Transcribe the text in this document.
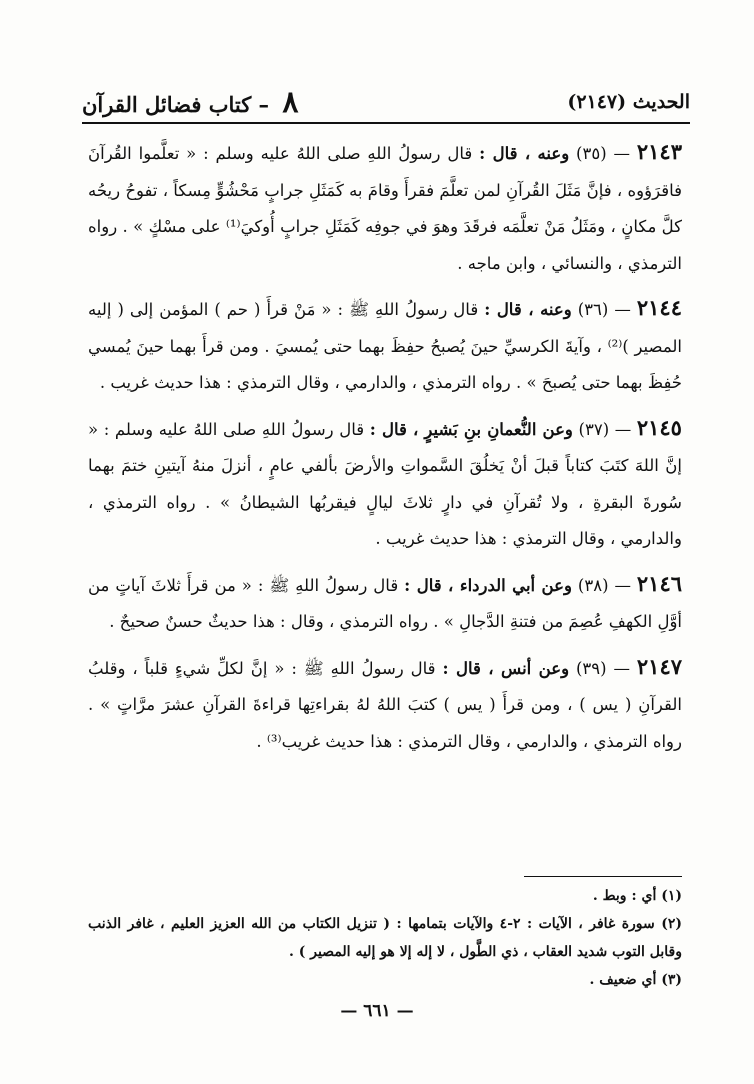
٨ – كتاب فضائل القرآن	الحديث (٢١٤٧)

٢١٤٣ — (٣٥) وعنه ، قال : قال رسولُ اللهِ صلى اللهُ عليه وسلم : « تعلَّموا القُرآنَ فاقرَؤوه ، فإنَّ مَثَلَ القُرآنِ لمن تعلَّمَ فقرأَ وقامَ به كَمَثَلِ جرابٍ مَحْشُوٍّ مِسكاً ، تفوحُ ريحُه كلَّ مكانٍ ، ومَثَلُ مَنْ تعلَّمَه فرقَدَ وهوَ في جوفِه كَمَثَلِ جرابٍ أُوكيَ⁽¹⁾ على مسْكٍ » . رواه الترمذي ، والنسائي ، وابن ماجه .

٢١٤٤ — (٣٦) وعنه ، قال : قال رسولُ اللهِ ﷺ : « مَنْ قرأَ ( حم ) المؤمن إلى ( إليه المصير )⁽²⁾ ، وآيةَ الكرسيِّ حينَ يُصبحُ حفِظَ بهما حتى يُمسيَ . ومن قرأَ بهما حينَ يُمسي حُفِظَ بهما حتى يُصبحَ » . رواه الترمذي ، والدارمي ، وقال الترمذي : هذا حديث غريب .

٢١٤٥ — (٣٧) وعن النُّعمانِ بنِ بَشيرٍ ، قال : قال رسولُ اللهِ صلى اللهُ عليه وسلم : « إنَّ اللهَ كتَبَ كتاباً قبلَ أنْ يَخلُقَ السَّمواتِ والأرضَ بألفي عامٍ ، أنزلَ منهُ آيتينِ ختمَ بهما سُورةَ البقرةِ ، ولا تُقرآنِ في دارٍ ثلاثَ ليالٍ فيقربُها الشيطانُ » . رواه الترمذي ، والدارمي ، وقال الترمذي : هذا حديث غريب .

٢١٤٦ — (٣٨) وعن أبي الدرداء ، قال : قال رسولُ اللهِ ﷺ : « من قرأَ ثلاثَ آياتٍ من أوَّلِ الكهفِ عُصِمَ من فتنةِ الدَّجالِ » . رواه الترمذي ، وقال : هذا حديثٌ حسنٌ صحيحٌ .

٢١٤٧ — (٣٩) وعن أنس ، قال : قال رسولُ اللهِ ﷺ : « إنَّ لكلِّ شيءٍ قلباً ، وقلبُ القرآنِ ( يس ) ، ومن قرأَ ( يس ) كتبَ اللهُ لهُ بقراءتِها قراءةَ القرآنِ عشرَ مرَّاتٍ » . رواه الترمذي ، والدارمي ، وقال الترمذي : هذا حديث غريب⁽³⁾ .

(١) أي : وبط .

(٢) سورة غافر ، الآيات : ٢-٤ والآيات بتمامها : ( تنزيل الكتاب من الله العزيز العليم ، غافر الذنب وقابل التوب شديد العقاب ، ذي الطَّول ، لا إله إلا هو إليه المصير ) .

(٣) أي ضعيف .

— ٦٦١ —
